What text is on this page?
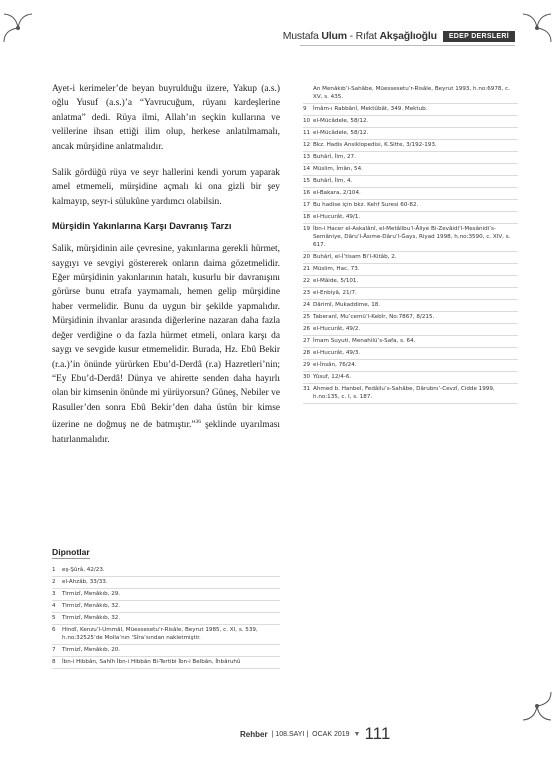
Mustafa Ulum - Rıfat Akşağlıoğlu	EDEP DERSLERİ

Ayet-i kerimeler’de beyan buyrulduğu üzere, Yakup (a.s.) oğlu Yusuf (a.s.)’a “Yavrucuğum, rüyanı kardeşlerine anlatma” dedi. Rüya ilmi, Allah’ın seçkin kullarına ve velilerine ihsan ettiği ilim olup, herkese anlatılmamalı, ancak mürşidine anlatmalıdır.

Salik gördüğü rüya ve seyr hallerini kendi yorum yaparak amel etmemeli, mürşidine açmalı ki ona gizli bir şey kalmayıp, seyr-i sülukûne yardımcı olabilsin.

Mürşidin Yakınlarına Karşı Davranış Tarzı

Salik, mürşidinin aile çevresine, yakınlarına gerekli hürmet, saygıyı ve sevgiyi göstererek onların daima gözetmelidir. Eğer mürşidinin yakınlarının hatalı, kusurlu bir davranışını görürse bunu etrafa yaymamalı, hemen gelip mürşidine haber vermelidir. Bunu da uygun bir şekilde yapmalıdır. Mürşidinin ihvanlar arasında diğerlerine nazaran daha fazla değer verdiğine o da fazla hürmet etmeli, onlara karşı da saygı ve sevgide kusur etmemelidir. Burada, Hz. Ebû Bekir (r.a.)’in önünde yürürken Ebu’d-Derdâ (r.a) Hazretleri’nin; “Ey Ebu’d-Derdâ! Dünya ve ahirette senden daha hayırlı olan bir kimsenin önünde mi yürüyorsun? Güneş, Nebiler ve Rasuller’den sonra Ebû Bekir’den daha üstün bir kimse üzerine ne doğmuş ne de batmıştır.”$^{36}$ şeklinde uyarılması hatırlanmalıdır.

Dipnotlar
1	eş-Şûrâ, 42/23.
2	el-Ahzâb, 33/33.
3	Tirmizî, Menâkıb, 29.
4	Tirmizî, Menâkıb, 32.
5	Tirmizî, Menâkıb, 32.
6	Hindî, Kenzu’l-Ummâl, Müessesetu’r-Risâle, Beyrut 1985, c. XI, s. 539, h.no:32525’de Molla’nın ‘Sîra’sından nakletmiştir.
7	Tirmizî, Menâkıb, 20.
8	İbn-i Hibbân, Sahîh İbn-i Hibbân Bi-Tertibi İbn-i Belbân, İhbâruhû
An Menâkıb’i-Sahâbe, Müessesetu’r-Risâle, Beyrut 1993, h.no:6978, c. XV, s. 435.
9	İmâm-ı Rabbânî, Mektûbât, 349. Mektub.
10 el-Mücâdele, 58/12.
11 el-Mücâdele, 58/12.
12 Bkz. Hadis Ansiklopedisi, K.Sitte, 3/192-193.
13 Buhârî, İlm, 27.
14 Müslim, İmân, 54.
15 Buhârî, İlm, 4.
16 el-Bakara, 2/104.
17 Bu hadise için bkz. Kehf Suresi 60-82.
18 el-Hucurât, 49/1.
19 İbn-i Hacer el-Askalânî, el-Metâlibu’l-Âliye Bi-Zevâidi’l-Mesânidi’s-Semâniye, Dâru’l-Âsıme-Dâru’l-Ğays, Riyad 1998, h.no:3590, c. XIV, s. 617.
20 Buhârî, el-İ’tisam Bi’l-Kitâb, 2.
21 Müslim, Hac, 73.
22 el-Mâide, 5/101.
23 el-Enbiyâ, 21/7.
24 Dârimî, Mukaddime, 18.
25 Taberanî, Mu’cemü’l-Kebîr, No:7867, 8/215.
26 el-Hucurât, 49/2.
27 İmam Suyuti, Menahilü’s-Safa, s. 64.
28 el-Hucurât, 49/3.
29 el-İnsân, 76/24.
30 Yûsuf, 12/4-6.
31 Ahmed b. Hanbel, Fedâilu’s-Sahâbe, Dârubnı’-Cevzî, Cidde 1999, h.no:135, c. I, s. 187.
Rehber | 108.SAYI | OCAK 2019 ▼ 111
